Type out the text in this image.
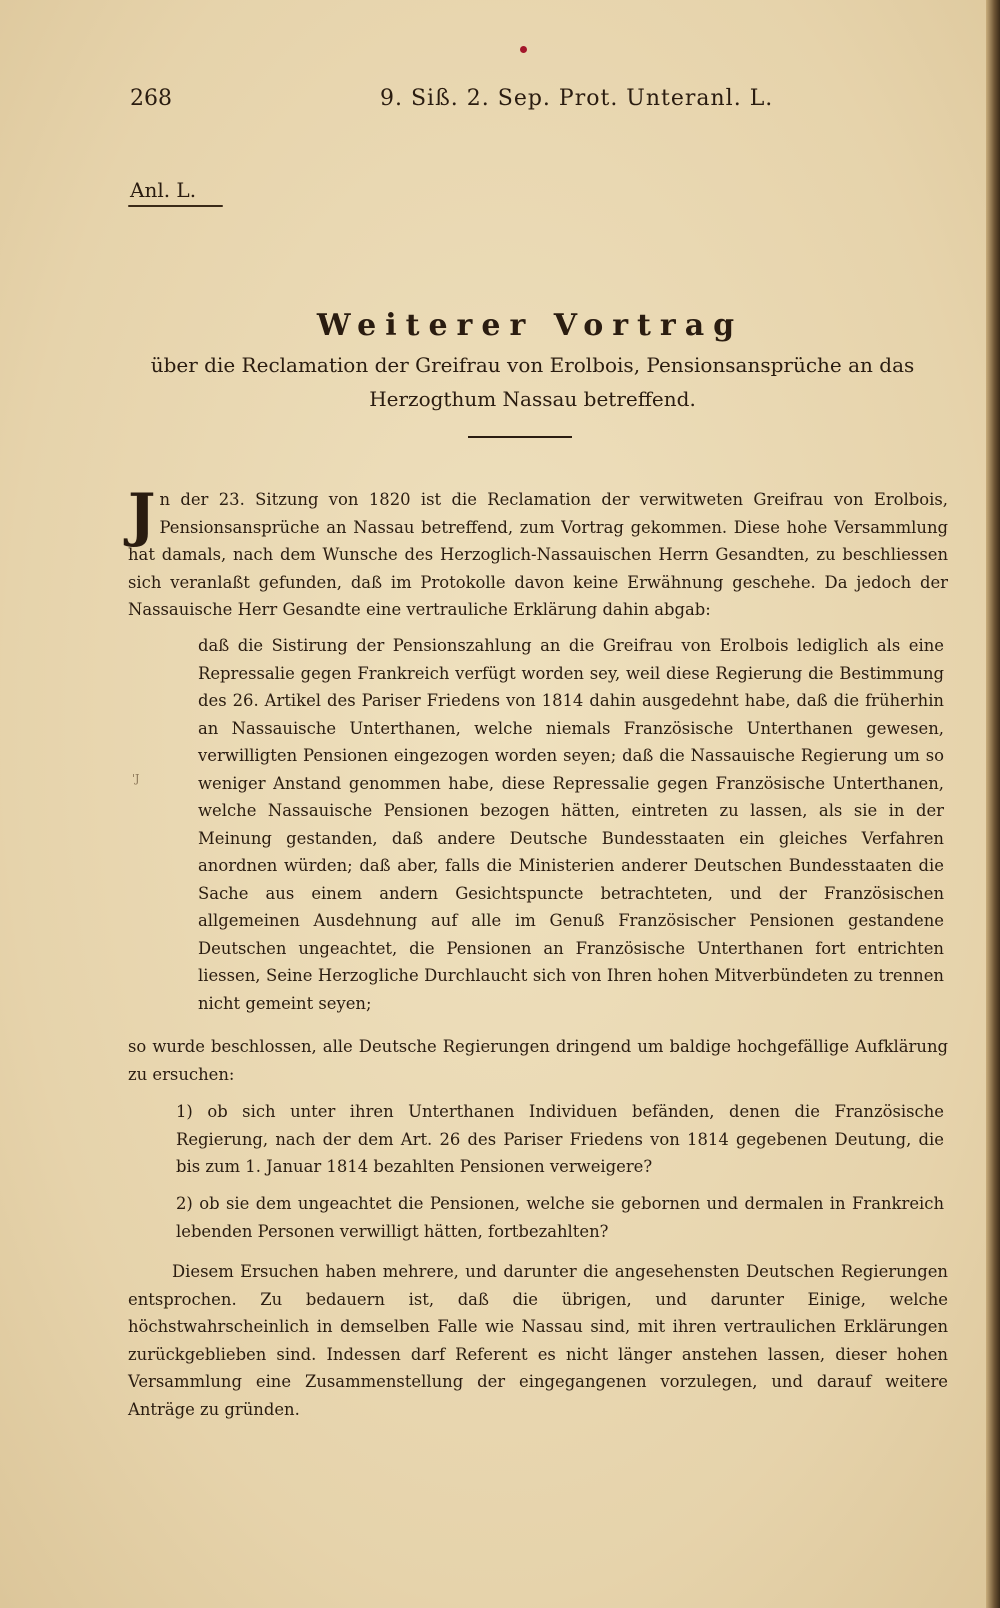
268	9. Siß. 2. Sep. Prot. Unteranl. L.
Anl. L.
Weiterer Vortrag
über die Reclamation der Greifrau von Erolbois, Pensionsansprüche an das Herzogthum Nassau betreffend.
J n der 23. Sitzung von 1820 ist die Reclamation der verwitweten Greifrau von Erolbois, Pensionsansprüche an Nassau betreffend, zum Vortrag gekommen. Diese hohe Versammlung hat damals, nach dem Wunsche des Herzoglich-Nassauischen Herrn Gesandten, zu beschliessen sich veranlaßt gefunden, daß im Protokolle davon keine Erwähnung geschehe. Da jedoch der Nassauische Herr Gesandte eine vertrauliche Erklärung dahin abgab:
daß die Sistirung der Pensionszahlung an die Greifrau von Erolbois lediglich als eine Repressalie gegen Frankreich verfügt worden sey, weil diese Regierung die Bestimmung des 26. Artikel des Pariser Friedens von 1814 dahin ausgedehnt habe, daß die früherhin an Nassauische Unterthanen, welche niemals Französische Unterthanen gewesen, verwilligten Pensionen eingezogen worden seyen; daß die Nassauische Regierung um so weniger Anstand genommen habe, diese Repressalie gegen Französische Unterthanen, welche Nassauische Pensionen bezogen hätten, eintreten zu lassen, als sie in der Meinung gestanden, daß andere Deutsche Bundesstaaten ein gleiches Verfahren anordnen würden; daß aber, falls die Ministerien anderer Deutschen Bundesstaaten die Sache aus einem andern Gesichtspuncte betrachteten, und der Französischen allgemeinen Ausdehnung auf alle im Genuß Französischer Pensionen gestandene Deutschen ungeachtet, die Pensionen an Französische Unterthanen fort entrichten liessen, Seine Herzogliche Durchlaucht sich von Ihren hohen Mitverbündeten zu trennen nicht gemeint seyen;
'J
so wurde beschlossen, alle Deutsche Regierungen dringend um baldige hochgefällige Aufklärung zu ersuchen:
1) ob sich unter ihren Unterthanen Individuen befänden, denen die Französische Regierung, nach der dem Art. 26 des Pariser Friedens von 1814 gegebenen Deutung, die bis zum 1. Januar 1814 bezahlten Pensionen verweigere?
2) ob sie dem ungeachtet die Pensionen, welche sie gebornen und dermalen in Frankreich lebenden Personen verwilligt hätten, fortbezahlten?
Diesem Ersuchen haben mehrere, und darunter die angesehensten Deutschen Regierungen entsprochen. Zu bedauern ist, daß die übrigen, und darunter Einige, welche höchstwahrscheinlich in demselben Falle wie Nassau sind, mit ihren vertraulichen Erklärungen zurückgeblieben sind. Indessen darf Referent es nicht länger anstehen lassen, dieser hohen Versammlung eine Zusammenstellung der eingegangenen vorzulegen, und darauf weitere Anträge zu gründen.
